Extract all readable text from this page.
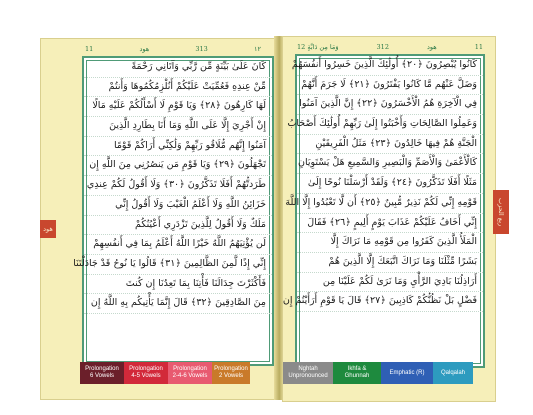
11	هود	313	١٢
كَانَ عَلَىٰ بَيِّنَةٍ مِّن رَّبِّي وَآتَانِي رَحْمَةً
مِّنْ عِندِهِ فَعُمِّيَتْ عَلَيْكُمْ أَنُلْزِمُكُمُوهَا وَأَنتُمْ
لَهَا كَارِهُونَ ﴿٢٨﴾ وَيَا قَوْمِ لَا أَسْأَلُكُمْ عَلَيْهِ مَالًا
إِنْ أَجْرِيَ إِلَّا عَلَى اللَّهِ وَمَا أَنَا بِطَارِدِ الَّذِينَ
آمَنُوا إِنَّهُم مُّلَاقُو رَبِّهِمْ وَلَٰكِنِّي أَرَاكُمْ قَوْمًا
تَجْهَلُونَ ﴿٢٩﴾ وَيَا قَوْمِ مَن يَنصُرُنِي مِنَ اللَّهِ إِن
طَرَدتُّهُمْ أَفَلَا تَذَكَّرُونَ ﴿٣٠﴾ وَلَا أَقُولُ لَكُمْ عِندِي
خَزَائِنُ اللَّهِ وَلَا أَعْلَمُ الْغَيْبَ وَلَا أَقُولُ إِنِّي
مَلَكٌ وَلَا أَقُولُ لِلَّذِينَ تَزْدَرِي أَعْيُنُكُمْ
لَن يُؤْتِيَهُمُ اللَّهُ خَيْرًا اللَّهُ أَعْلَمُ بِمَا فِي أَنفُسِهِمْ
إِنِّي إِذًا لَّمِنَ الظَّالِمِينَ ﴿٣١﴾ قَالُوا يَا نُوحُ قَدْ جَادَلْتَنَا
فَأَكْثَرْتَ جِدَالَنَا فَأْتِنَا بِمَا تَعِدُنَا إِن كُنتَ
مِنَ الصَّادِقِينَ ﴿٣٢﴾ قَالَ إِنَّمَا يَأْتِيكُم بِهِ اللَّهُ إِن
12 وَمَا مِن دَابَّةٍ	312	هود	11
كَانُوا يُبْصِرُونَ ﴿٢٠﴾ أُولَٰئِكَ الَّذِينَ خَسِرُوا أَنفُسَهُمْ
وَضَلَّ عَنْهُم مَّا كَانُوا يَفْتَرُونَ ﴿٢١﴾ لَا جَرَمَ أَنَّهُمْ
فِي الْآخِرَةِ هُمُ الْأَخْسَرُونَ ﴿٢٢﴾ إِنَّ الَّذِينَ آمَنُوا
وَعَمِلُوا الصَّالِحَاتِ وَأَخْبَتُوا إِلَىٰ رَبِّهِمْ أُولَٰئِكَ أَصْحَابُ
الْجَنَّةِ هُمْ فِيهَا خَالِدُونَ ﴿٢٣﴾ مَثَلُ الْفَرِيقَيْنِ
كَالْأَعْمَىٰ وَالْأَصَمِّ وَالْبَصِيرِ وَالسَّمِيعِ هَلْ يَسْتَوِيَانِ
مَثَلًا أَفَلَا تَذَكَّرُونَ ﴿٢٤﴾ وَلَقَدْ أَرْسَلْنَا نُوحًا إِلَىٰ
قَوْمِهِ إِنِّي لَكُمْ نَذِيرٌ مُّبِينٌ ﴿٢٥﴾ أَن لَّا تَعْبُدُوا إِلَّا اللَّهَ
إِنِّي أَخَافُ عَلَيْكُمْ عَذَابَ يَوْمٍ أَلِيمٍ ﴿٢٦﴾ فَقَالَ
الْمَلَأُ الَّذِينَ كَفَرُوا مِن قَوْمِهِ مَا نَرَاكَ إِلَّا
بَشَرًا مِّثْلَنَا وَمَا نَرَاكَ اتَّبَعَكَ إِلَّا الَّذِينَ هُمْ
أَرَاذِلُنَا بَادِيَ الرَّأْيِ وَمَا نَرَىٰ لَكُمْ عَلَيْنَا مِن
فَضْلٍ بَلْ نَظُنُّكُمْ كَاذِبِينَ ﴿٢٧﴾ قَالَ يَا قَوْمِ أَرَأَيْتُمْ إِن
هود
ربع الحزب
Prolongation
6 Vowels
Prolongation
4-5 Vowels
Prolongation
2-4-6 Vowels
Prolongation
2 Vowels
Nghtah
Unpronounced
Ikhfa &
Ghunnah
Emphatic (R)	Qalqalah
